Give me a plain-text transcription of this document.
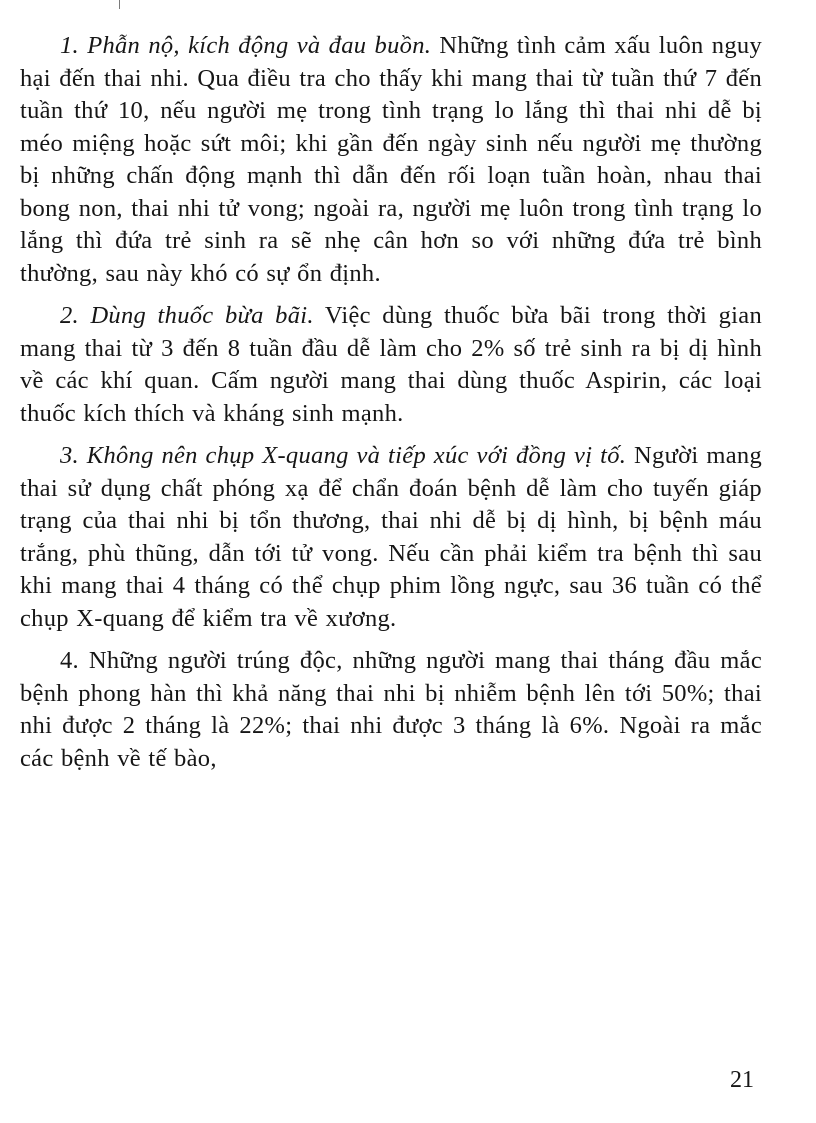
1. Phẫn nộ, kích động và đau buồn. Những tình cảm xấu luôn nguy hại đến thai nhi. Qua điều tra cho thấy khi mang thai từ tuần thứ 7 đến tuần thứ 10, nếu người mẹ trong tình trạng lo lắng thì thai nhi dễ bị méo miệng hoặc sứt môi; khi gần đến ngày sinh nếu người mẹ thường bị những chấn động mạnh thì dẫn đến rối loạn tuần hoàn, nhau thai bong non, thai nhi tử vong; ngoài ra, người mẹ luôn trong tình trạng lo lắng thì đứa trẻ sinh ra sẽ nhẹ cân hơn so với những đứa trẻ bình thường, sau này khó có sự ổn định.

2. Dùng thuốc bừa bãi. Việc dùng thuốc bừa bãi trong thời gian mang thai từ 3 đến 8 tuần đầu dễ làm cho 2% số trẻ sinh ra bị dị hình về các khí quan. Cấm người mang thai dùng thuốc Aspirin, các loại thuốc kích thích và kháng sinh mạnh.

3. Không nên chụp X-quang và tiếp xúc với đồng vị tố. Người mang thai sử dụng chất phóng xạ để chẩn đoán bệnh dễ làm cho tuyến giáp trạng của thai nhi bị tổn thương, thai nhi dễ bị dị hình, bị bệnh máu trắng, phù thũng, dẫn tới tử vong. Nếu cần phải kiểm tra bệnh thì sau khi mang thai 4 tháng có thể chụp phim lồng ngực, sau 36 tuần có thể chụp X-quang để kiểm tra về xương.

4. Những người trúng độc, những người mang thai tháng đầu mắc bệnh phong hàn thì khả năng thai nhi bị nhiễm bệnh lên tới 50%; thai nhi được 2 tháng là 22%; thai nhi được 3 tháng là 6%. Ngoài ra mắc các bệnh về tế bào,

21
